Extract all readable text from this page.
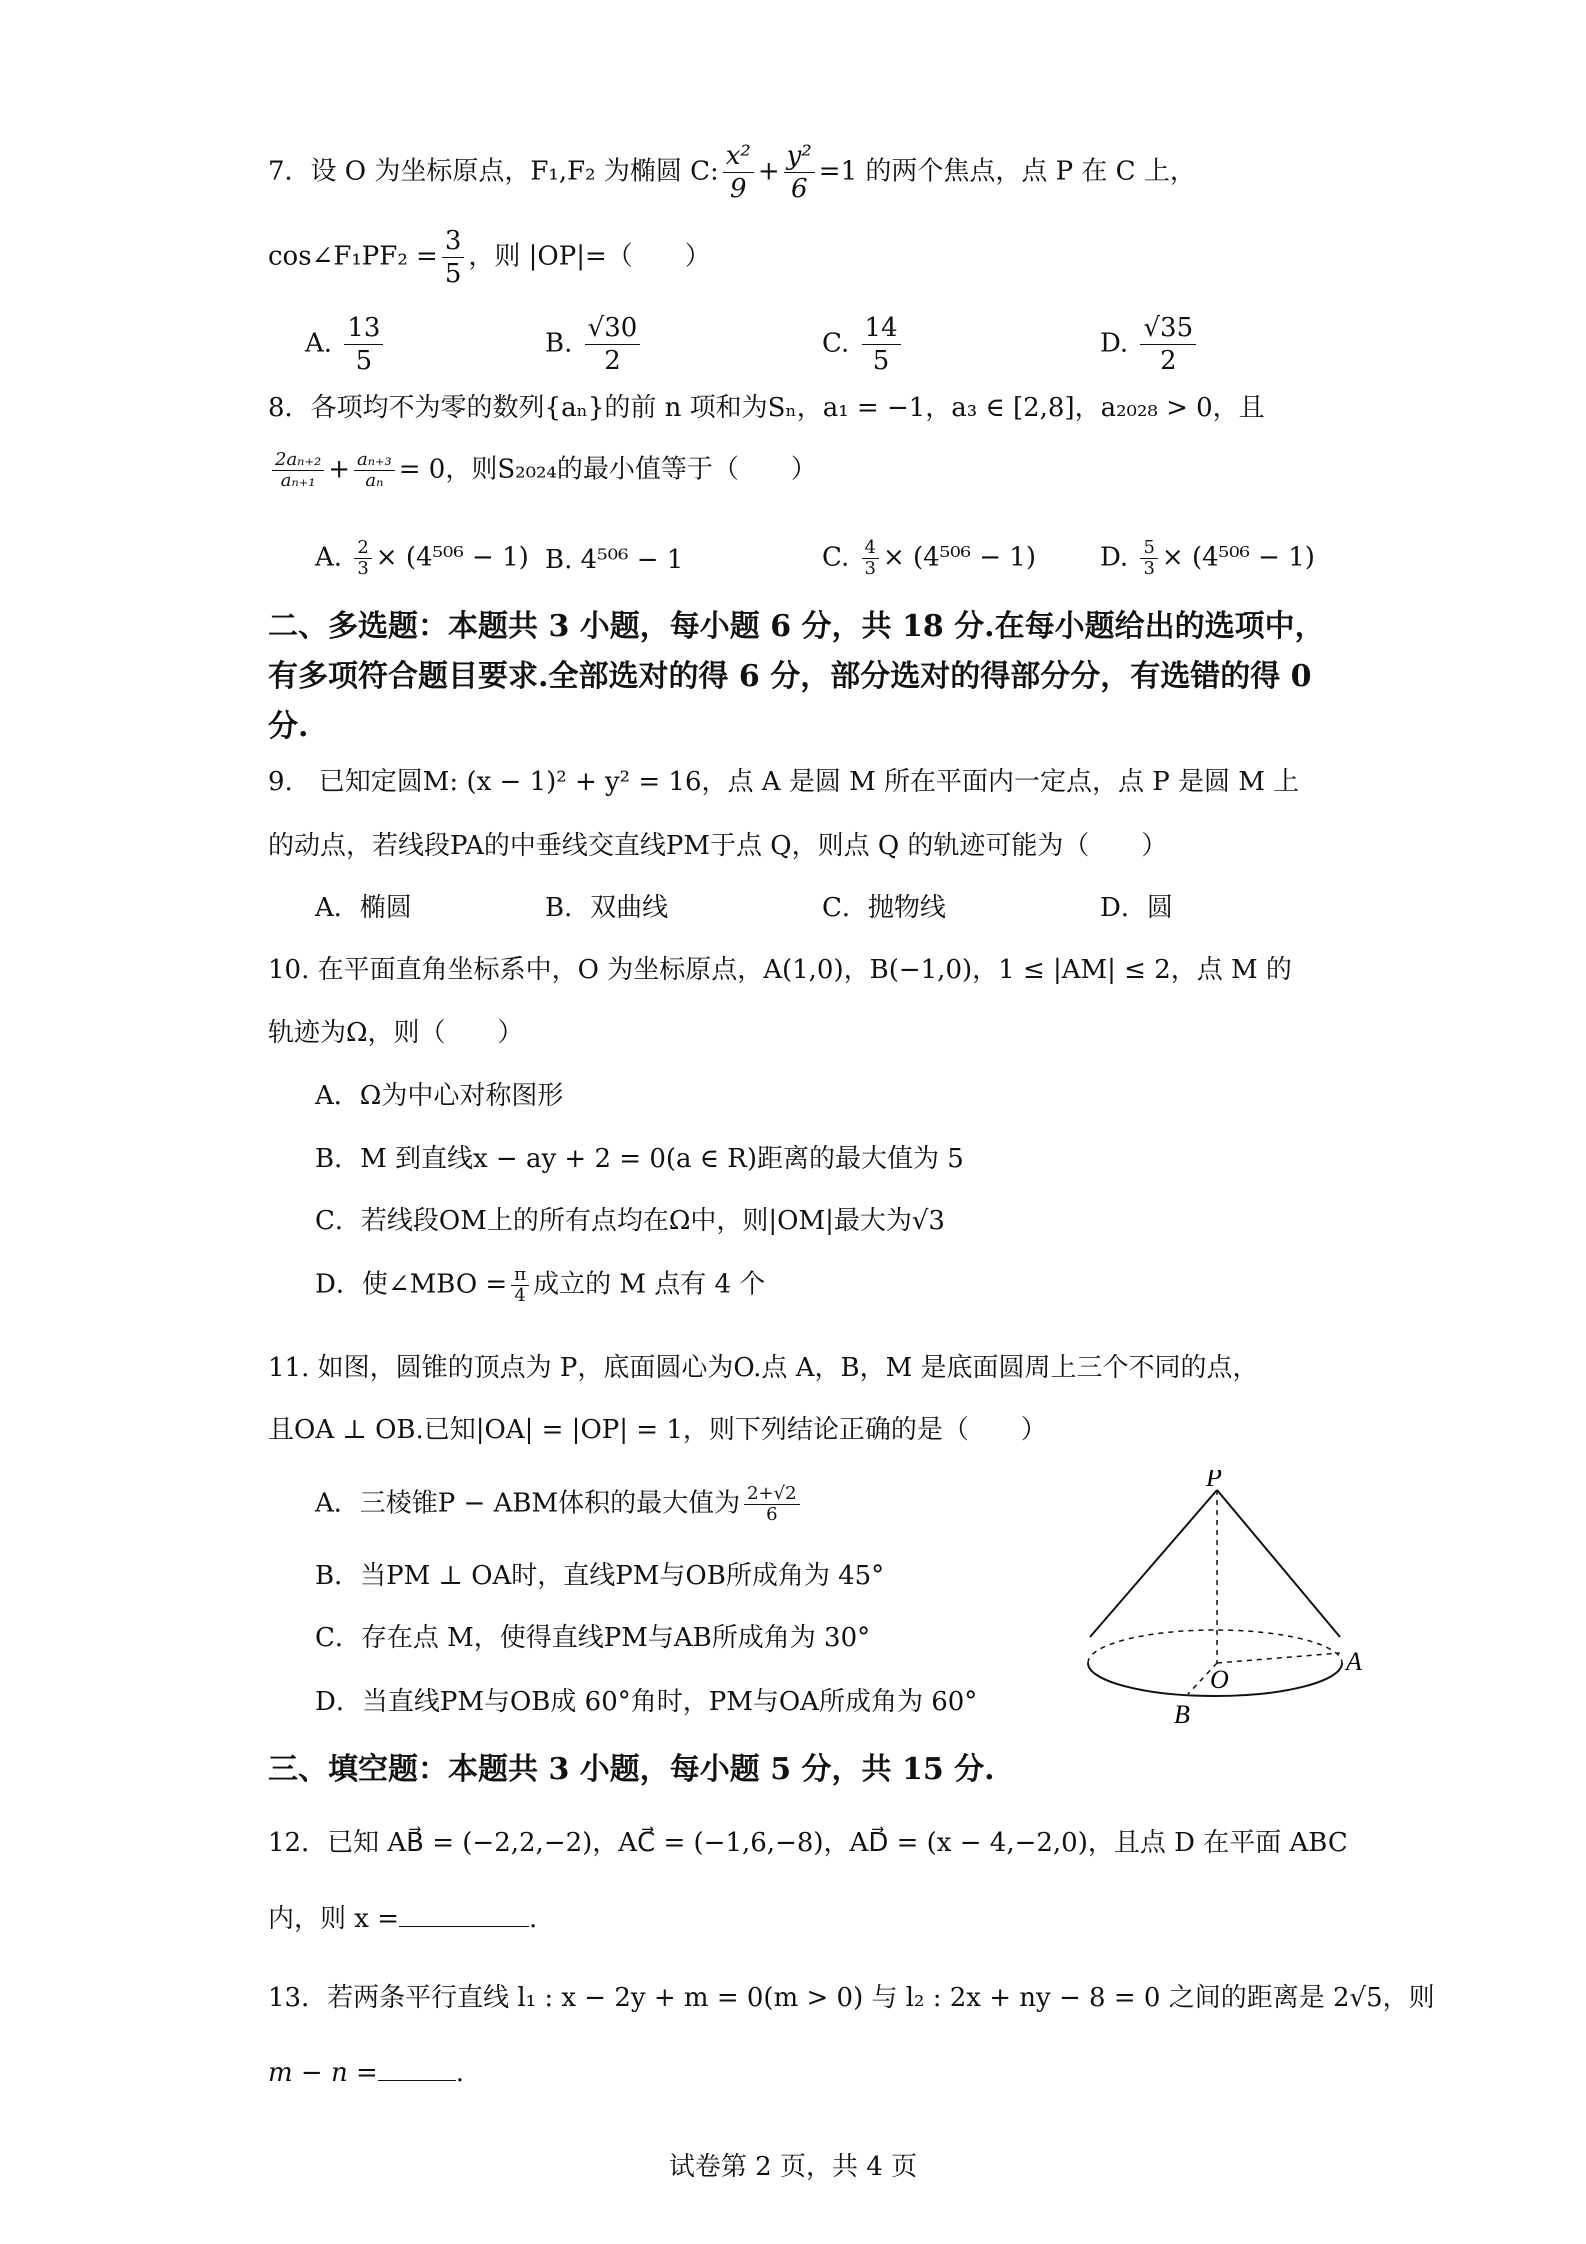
7．设 O 为坐标原点，F₁,F₂ 为椭圆 C: $\frac{\text{x²}}{9} + \frac{\text{y²}}{6} =1$ 的两个焦点，点 P 在 C 上，
cos∠F₁PF₂ = $\frac{3}{5}$ ，则 |OP|=（　　）
A. $\frac{13}{5}$	B. $\frac{√30}{2}$	C. $\frac{14}{5}$	D. $\frac{√35}{2}$
8．各项均不为零的数列{aₙ}的前 n 项和为Sₙ，a₁ = −1，a₃ ∈ [2,8]，a₂₀₂₈ > 0，且
$\frac{\text{2aₙ₊₂}}{\text{aₙ₊₁}} + \frac{\text{aₙ₊₃}}{\text{aₙ}} = 0$，则S₂₀₂₄的最小值等于（　　）
A. $\frac{2}{3} \times (4^{506} - 1)$ B. 4⁵⁰⁶ − 1	C. $\frac{4}{3} \times (4^{506} - 1)$ D. $\frac{5}{3} \times (4^{506} - 1)$
二、多选题：本题共 3 小题，每小题 6 分，共 18 分.在每小题给出的选项中，有多项符合题目要求.全部选对的得 6 分，部分选对的得部分分，有选错的得 0 分.
9.　已知定圆M: (x − 1)² + y² = 16，点 A 是圆 M 所在平面内一定点，点 P 是圆 M 上
的动点，若线段PA的中垂线交直线PM于点 Q，则点 Q 的轨迹可能为（　　）
A．椭圆	B．双曲线	C．抛物线	D．圆
10. 在平面直角坐标系中，O 为坐标原点，A(1,0)，B(−1,0)，1 ≤ |AM| ≤ 2，点 M 的
轨迹为Ω，则（　　）
A．Ω为中心对称图形
B．M 到直线x − ay + 2 = 0(a ∈ R)距离的最大值为 5
C．若线段OM上的所有点均在Ω中，则|OM|最大为√3
D．使∠MBO = $\frac{\pi}{4}$ 成立的 M 点有 4 个
11. 如图，圆锥的顶点为 P，底面圆心为O.点 A，B，M 是底面圆周上三个不同的点，
且OA ⊥ OB.已知|OA| = |OP| = 1，则下列结论正确的是（　　）
A．三棱锥P − ABM体积的最大值为 $\frac{2+√2}{6}$
B．当PM ⊥ OA时，直线PM与OB所成角为 45°
C．存在点 M，使得直线PM与AB所成角为 30°
D．当直线PM与OB成 60°角时，PM与OA所成角为 60°
P
O
A
B
三、填空题：本题共 3 小题，每小题 5 分，共 15 分.
12．已知 AB⃗ = (−2,2,−2)，AC⃗ = (−1,6,−8)，AD⃗ = (x − 4,−2,0)，且点 D 在平面 ABC
内，则 x =	.
13．若两条平行直线 l₁ : x − 2y + m = 0(m > 0) 与 l₂ : 2x + ny − 8 = 0 之间的距离是 2√5，则
m − n =	.
试卷第 2 页，共 4 页
